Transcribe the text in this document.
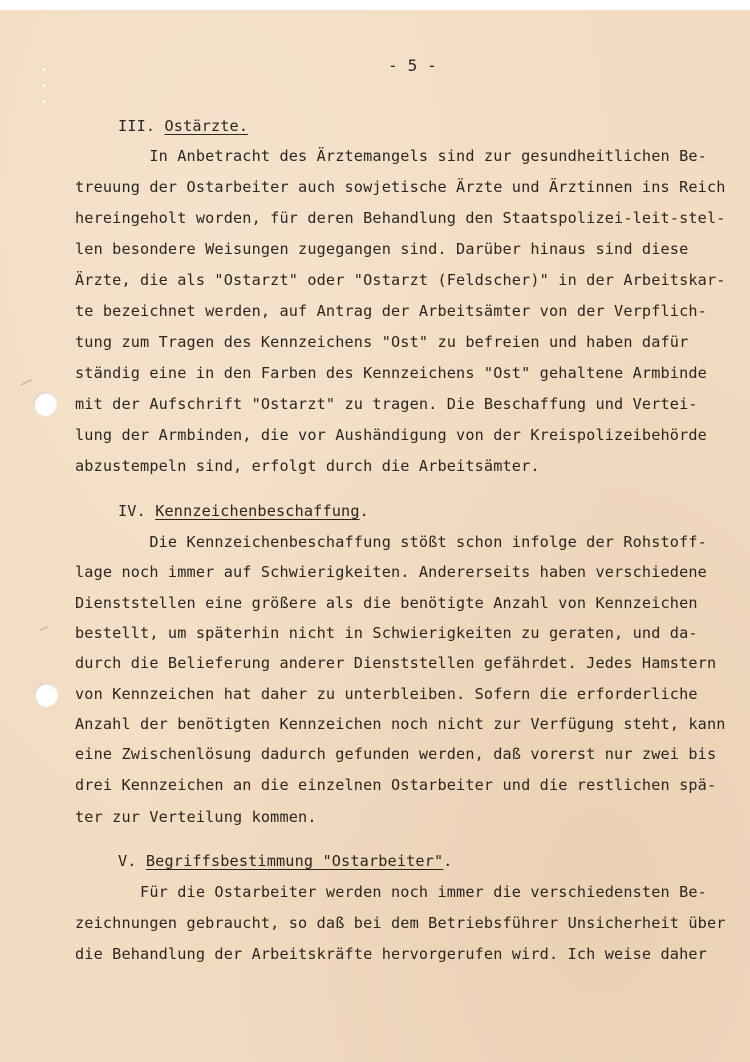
- 5 -
III. Ostärzte.
In Anbetracht des Ärztemangels sind zur gesundheitlichen Be-
treuung der Ostarbeiter auch sowjetische Ärzte und Ärztinnen ins Reich
hereingeholt worden, für deren Behandlung den Staatspolizei-leit-stel-
len besondere Weisungen zugegangen sind. Darüber hinaus sind diese
Ärzte, die als "Ostarzt" oder "Ostarzt (Feldscher)" in der Arbeitskar-
te bezeichnet werden, auf Antrag der Arbeitsämter von der Verpflich-
tung zum Tragen des Kennzeichens "Ost" zu befreien und haben dafür
ständig eine in den Farben des Kennzeichens "Ost" gehaltene Armbinde
mit der Aufschrift "Ostarzt" zu tragen. Die Beschaffung und Vertei-
lung der Armbinden, die vor Aushändigung von der Kreispolizeibehörde
abzustempeln sind, erfolgt durch die Arbeitsämter.
IV. Kennzeichenbeschaffung.
Die Kennzeichenbeschaffung stößt schon infolge der Rohstoff-
lage noch immer auf Schwierigkeiten. Andererseits haben verschiedene
Dienststellen eine größere als die benötigte Anzahl von Kennzeichen
bestellt, um späterhin nicht in Schwierigkeiten zu geraten, und da-
durch die Belieferung anderer Dienststellen gefährdet. Jedes Hamstern
von Kennzeichen hat daher zu unterbleiben. Sofern die erforderliche
Anzahl der benötigten Kennzeichen noch nicht zur Verfügung steht, kann
eine Zwischenlösung dadurch gefunden werden, daß vorerst nur zwei bis
drei Kennzeichen an die einzelnen Ostarbeiter und die restlichen spä-
ter zur Verteilung kommen.
V. Begriffsbestimmung "Ostarbeiter".
Für die Ostarbeiter werden noch immer die verschiedensten Be-
zeichnungen gebraucht, so daß bei dem Betriebsführer Unsicherheit über
die Behandlung der Arbeitskräfte hervorgerufen wird. Ich weise daher
